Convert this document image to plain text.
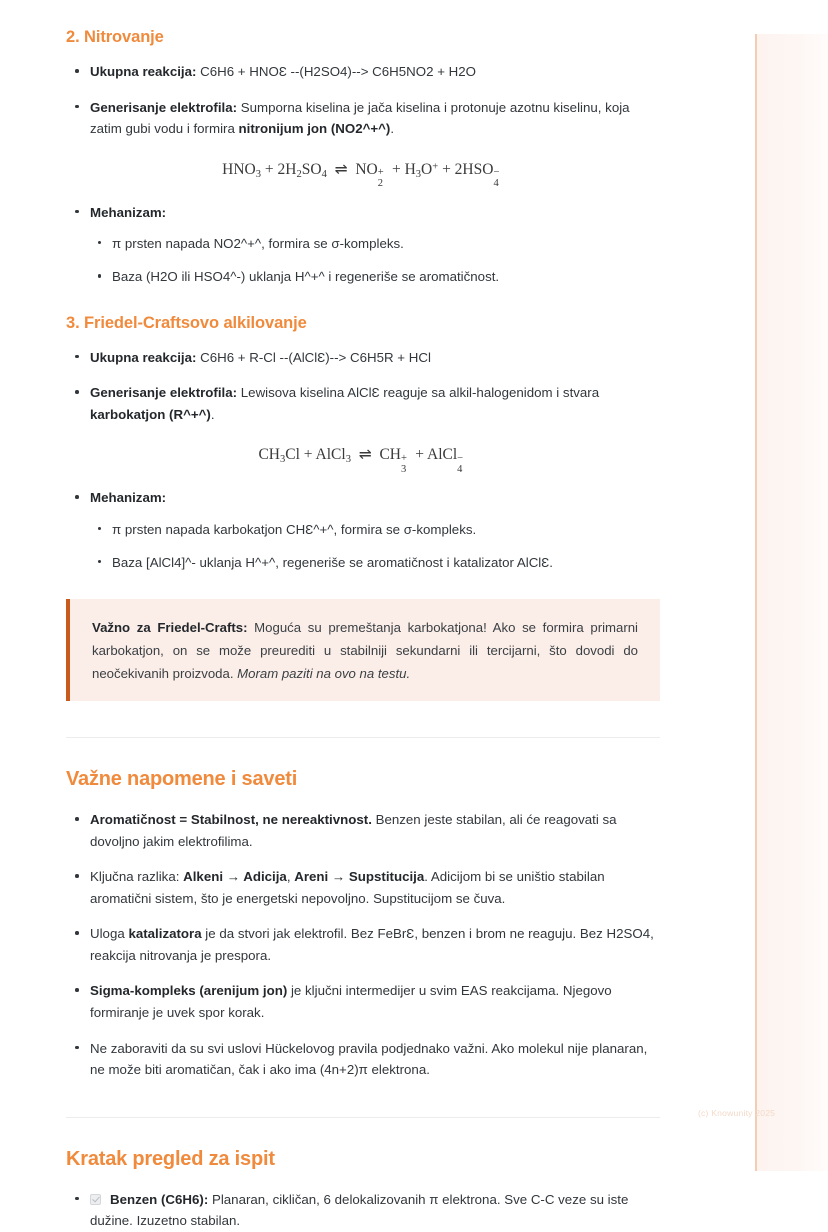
2. Nitrovanje
Ukupna reakcija: C6H6 + HNOƐ --(H2SO4)--> C6H5NO2 + H2O
Generisanje elektrofila: Sumporna kiselina je jača kiselina i protonuje azotnu kiselinu, koja zatim gubi vodu i formira nitronijum jon (NO2^+^).
$HNO_3 + 2H_2SO_4$  ⇌  NO +
2
+ $H_3O^+ + 2HSO$ −
4

Mehanizam:
π prsten napada NO2^+^, formira se σ-kompleks.
Baza (H2O ili HSO4^-) uklanja H^+^ i regeneriše se aromatičnost.
3. Friedel-Craftsovo alkilovanje
Ukupna reakcija: C6H6 + R-Cl --(AlClƐ)--> C6H5R + HCl
Generisanje elektrofila: Lewisova kiselina AlClƐ reaguje sa alkil-halogenidom i stvara karbokatjon (R^+^).
$CH_3Cl$ + AlCl$_3$  ⇌  CH +
3
+ AlCl −
4

Mehanizam:
π prsten napada karbokatjon CHƐ^+^, formira se σ-kompleks.
Baza [AlCl4]^- uklanja H^+^, regeneriše se aromatičnost i katalizator AlClƐ.
Važno za Friedel-Crafts: Moguća su premeštanja karbokatjona! Ako se formira primarni karbokatjon, on se može preurediti u stabilniji sekundarni ili tercijarni, što dovodi do neočekivanih proizvoda. Moram paziti na ovo na testu.
Važne napomene i saveti
Aromatičnost = Stabilnost, ne nereaktivnost. Benzen jeste stabilan, ali će reagovati sa dovoljno jakim elektrofilima.
Ključna razlika: Alkeni → Adicija, Areni → Supstitucija. Adicijom bi se uništio stabilan aromatični sistem, što je energetski nepovoljno. Supstitucijom se čuva.
Uloga katalizatora je da stvori jak elektrofil. Bez FeBrƐ, benzen i brom ne reaguju. Bez H2SO4, reakcija nitrovanja je prespora.
Sigma-kompleks (arenijum jon) je ključni intermedijer u svim EAS reakcijama. Njegovo formiranje je uvek spor korak.
Ne zaboraviti da su svi uslovi Hückelovog pravila podjednako važni. Ako molekul nije planaran, ne može biti aromatičan, čak i ako ima (4n+2)π elektrona.
Kratak pregled za ispit
Benzen (C6H6): Planaran, cikličan, 6 delokalizovanih π elektrona. Sve C-C veze su iste dužine. Izuzetno stabilan.
(c) Knowunity 2025
